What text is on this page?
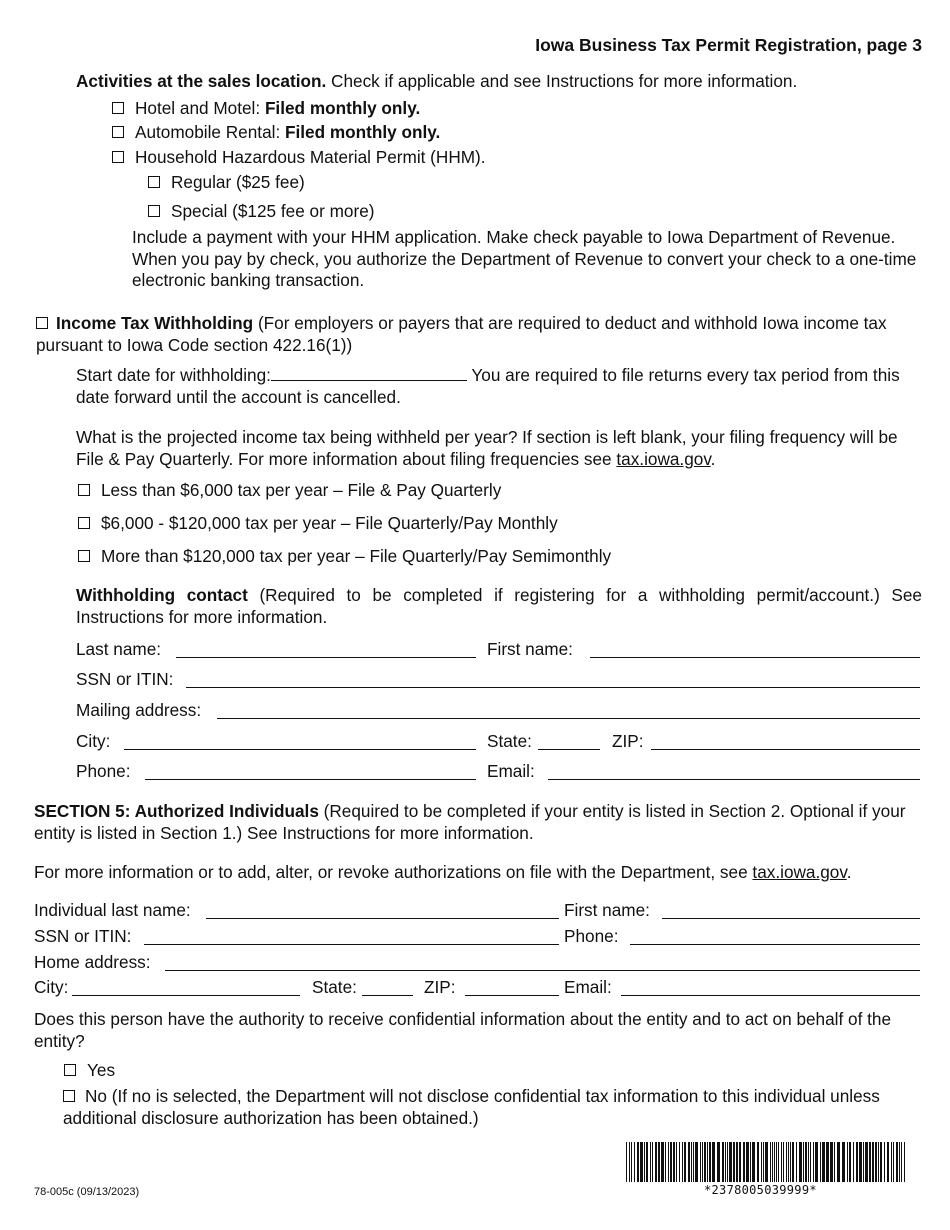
Iowa Business Tax Permit Registration, page 3
Activities at the sales location. Check if applicable and see Instructions for more information.
Hotel and Motel: Filed monthly only.
Automobile Rental: Filed monthly only.
Household Hazardous Material Permit (HHM).
Regular ($25 fee)
Special ($125 fee or more)
Include a payment with your HHM application. Make check payable to Iowa Department of Revenue. When you pay by check, you authorize the Department of Revenue to convert your check to a one-time electronic banking transaction.
Income Tax Withholding (For employers or payers that are required to deduct and withhold Iowa income tax pursuant to Iowa Code section 422.16(1))
Start date for withholding:	You are required to file returns every tax period from this date forward until the account is cancelled.
What is the projected income tax being withheld per year? If section is left blank, your filing frequency will be File & Pay Quarterly. For more information about filing frequencies see tax.iowa.gov.
Less than $6,000 tax per year – File & Pay Quarterly
$6,000 - $120,000 tax per year – File Quarterly/Pay Monthly
More than $120,000 tax per year – File Quarterly/Pay Semimonthly
Withholding contact (Required to be completed if registering for a withholding permit/account.) See Instructions for more information.
Last name:	First name:
SSN or ITIN:
Mailing address:
City:	State:	ZIP:
Phone:	Email:
SECTION 5: Authorized Individuals (Required to be completed if your entity is listed in Section 2. Optional if your entity is listed in Section 1.) See Instructions for more information.
For more information or to add, alter, or revoke authorizations on file with the Department, see tax.iowa.gov.
Individual last name:	First name:
SSN or ITIN:	Phone:
Home address:
City:	State:	ZIP:	Email:
Does this person have the authority to receive confidential information about the entity and to act on behalf of the entity?
Yes
No (If no is selected, the Department will not disclose confidential tax information to this individual unless additional disclosure authorization has been obtained.)
78-005c (09/13/2023)	*2378005039999*
